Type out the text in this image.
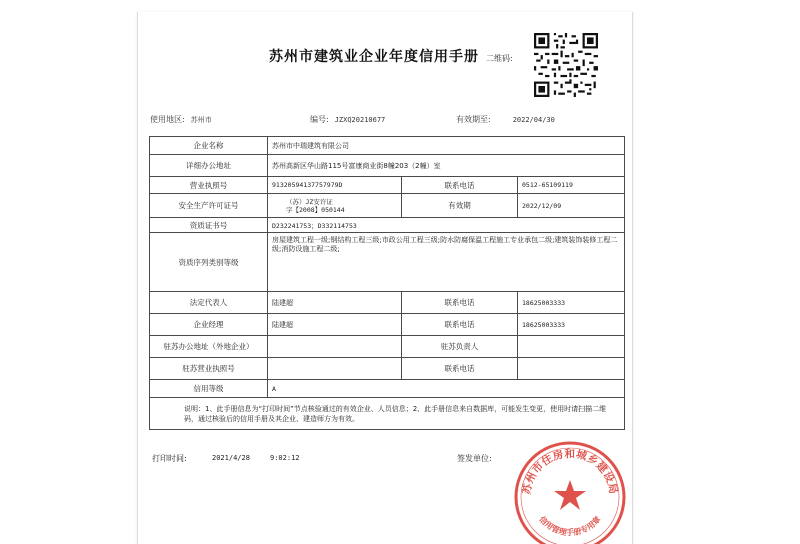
苏州市建筑业企业年度信用手册 二维码:
使用地区: 苏州市	编号: JZXQ20210677	有效期至:	2022/04/30
企业名称	苏州市中瑞建筑有限公司		
详细办公地址	苏州高新区华山路115号富康商业街8幢203（2幢）室		
营业执照号	91320594137757979D	联系电话	0512-65109119
安全生产许可证号	（苏）JZ安许证
字【2008】050144	有效期	2022/12/09
资质证书号	D232241753；D332114753		
资质序列类别等级	房屋建筑工程一级;钢结构工程三级;市政公用工程三级;防水防腐保温工程施工专业承包二级;建筑装饰装修工程二级;消防设施工程二级;		
法定代表人	陆建超	联系电话	18625003333
企业经理	陆建超	联系电话	18625003333
驻苏办公地址（外地企业）		驻苏负责人	
驻苏营业执照号		联系电话	
信用等级	A		
说明：1、此手册信息为“打印时间”节点核验通过的有效企业、人员信息；2、此手册信息来自数据库，可能发生变更，使用时请扫描二维码，通过核验后的信用手册及其企业、建造师方为有效。			
打印时间:	2021/4/28	9:02:12	签发单位:
苏州市住房和城乡建设局
信用管理手册专用章
